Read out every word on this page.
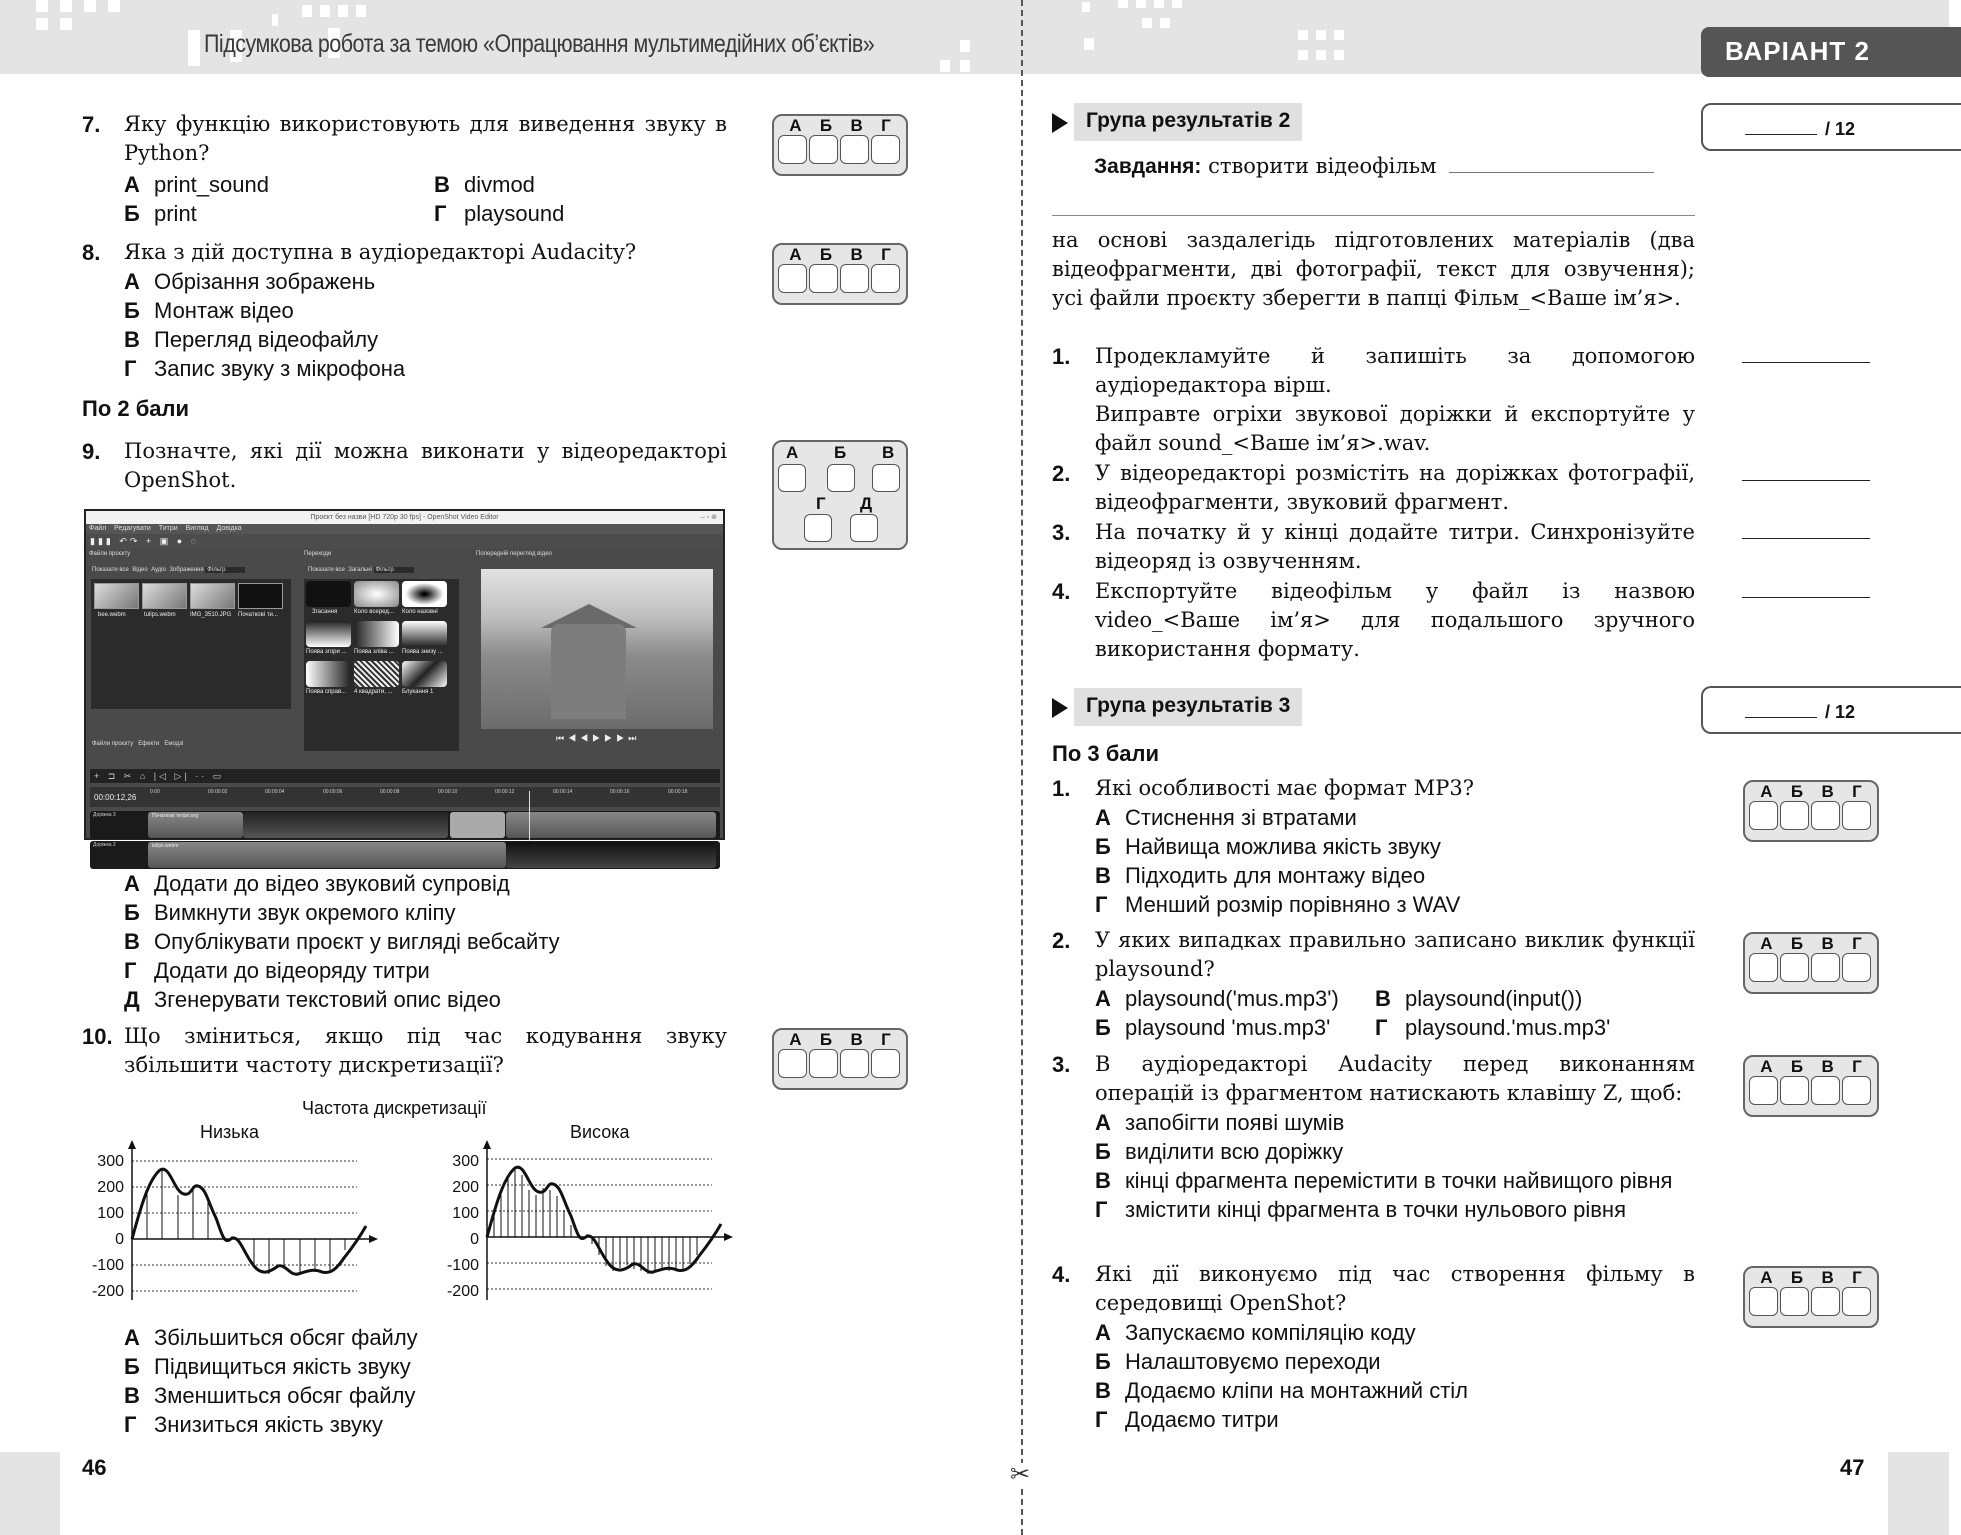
Підсумкова робота за темою «Опрацювання мультимедійних об’єктів»	ВАРІАНТ 2
✂
7. Яку функцію використовують для виведення звуку в Python?
А print_sound	В divmod
Б print	Г playsound
А Б В Г
8. Яка з дій доступна в аудіоредакторі Audacity?
А Обрізання зображень
Б Монтаж відео
В Перегляд відеофайлу
Г Запис звуку з мікрофона
А Б В Г
По 2 бали
9. Позначте, які дії можна виконати у відеоредакторі OpenShot.
А Б В
Г Д
Проєкт без назви [HD 720p 30 fps] - OpenShot Video Editor	– ▫ ⊗
Файл Редагувати Титри Вигляд Довідка
▮▮▮ ↶↷ + ▣ ● ◌
Файли проєкту	Переходи	Попередній перегляд відео
Показати все Відео Аудіо Зображення Фільтр
bee.webm	tulips.webm IMG_3510.JPG Початкові ти...
Показати все Загальні Фільтр
Згасання	Коло всеред... Коло назовні
Поява згори ... Поява зліва ... Поява знизу ...
Поява справ... 4 квадрати, ... Блукання 1
⏮◀◀▶▶▶⏭
Файли проєкту Ефекти Емодзі
+ ⊐ ✂ ⌂ |◁ ▷| ·· ▭
00:00:12,26
0:00	00:00:02	00:00:04	00:00:06	00:00:08	00:00:10	00:00:12	00:00:14	00:00:16	00:00:18
Доріжка 3	Початкові титри.svg
Доріжка 2	tulips.webm
А Додати до відео звуковий супровід
Б Вимкнути звук окремого кліпу
В Опублікувати проєкт у вигляді вебсайту
Г Додати до відеоряду титри
Д Згенерувати текстовий опис відео
10. Що зміниться, якщо під час кодування звуку збільшити частоту дискретизації?
А Б В Г
Частота дискретизації
Низька	Висока
300
200
100
0
-100
-200
300
200
100
0
-100
-200
А Збільшиться обсяг файлу
Б Підвищиться якість звуку
В Зменшиться обсяг файлу
Г Знизиться якість звуку
46
Група результатів 2	/ 12
Завдання: створити відеофільм
на основі заздалегідь підготовлених матеріалів (два відеофрагменти, дві фотографії, текст для озвучення); усі файли проєкту зберегти в папці Фільм_<Ваше ім’я>.
1. Продекламуйте й запишіть за допомогою аудіоредактора вірш.
Виправте огріхи звукової доріжки й експортуйте у файл sound_<Ваше ім’я>.wav.
2. У відеоредакторі розмістіть на доріжках фотографії, відеофрагменти, звуковий фрагмент.
3. На початку й у кінці додайте титри. Синхронізуйте відеоряд із озвученням.
4. Експортуйте відеофільм у файл із назвою video_<Ваше ім’я> для подальшого зручного використання формату.
Група результатів 3	/ 12
По 3 бали
1. Які особливості має формат MP3?
А Стиснення зі втратами
Б Найвища можлива якість звуку
В Підходить для монтажу відео
Г Менший розмір порівняно з WAV
А Б В Г
2. У яких випадках правильно записано виклик функції playsound?
А playsound('mus.mp3')	В playsound(input())
Б playsound 'mus.mp3'	Г playsound.'mus.mp3'
А Б В Г
3. В аудіоредакторі Audacity перед виконанням операцій із фрагментом натискають клавішу Z, щоб:
А запобігти появі шумів
Б виділити всю доріжку
В кінці фрагмента перемістити в точки найвищого рівня
Г змістити кінці фрагмента в точки нульового рівня
А Б В Г
4. Які дії виконуємо під час створення фільму в середовищі OpenShot?
А Запускаємо компіляцію коду
Б Налаштовуємо переходи
В Додаємо кліпи на монтажний стіл
Г Додаємо титри
А Б В Г
47
